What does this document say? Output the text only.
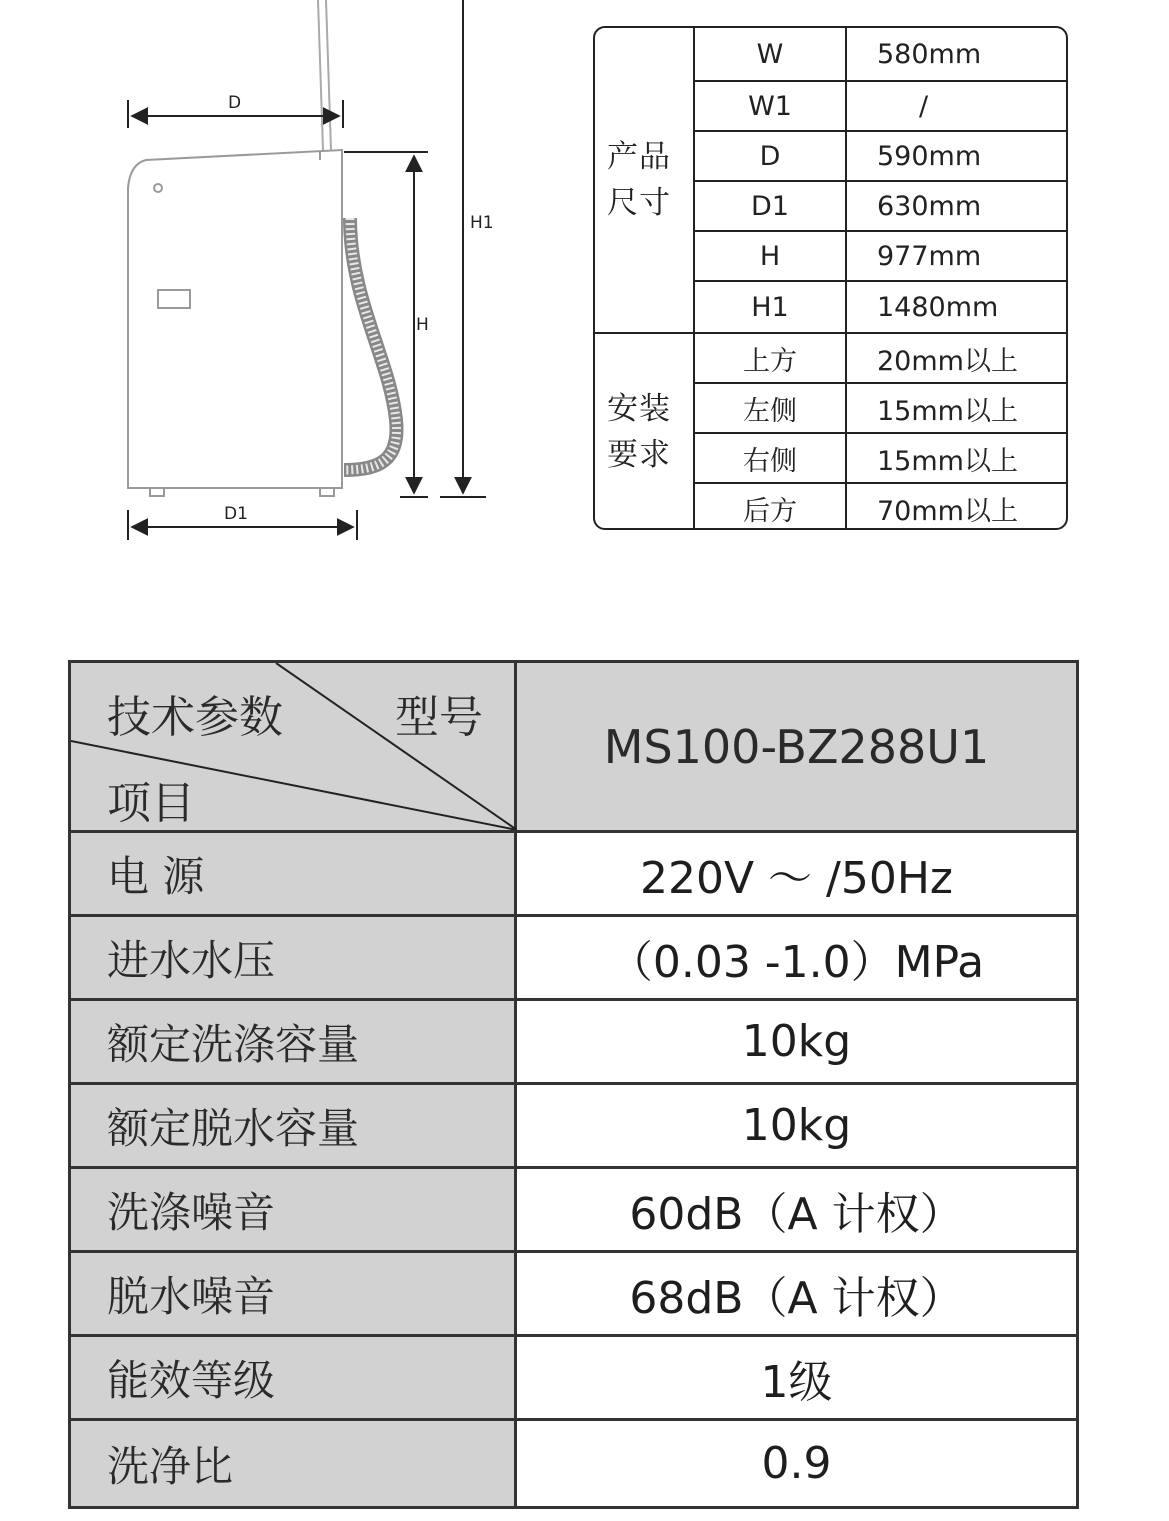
D
D1
H
H1
产品
尺寸
安装
要求
W	580mm
W1	/
D	590mm
D1	630mm
H	977mm
H1	1480mm
上方	20mm以上
左侧	15mm以上
右侧	15mm以上
后方	70mm以上
技术参数	型号
项目
MS100-BZ288U1
电 源	220V ～ /50Hz
进水水压	（0.03 -1.0）MPa
额定洗涤容量	10kg
额定脱水容量	10kg
洗涤噪音	60dB（A 计权）
脱水噪音	68dB（A 计权）
能效等级	1级
洗净比	0.9
